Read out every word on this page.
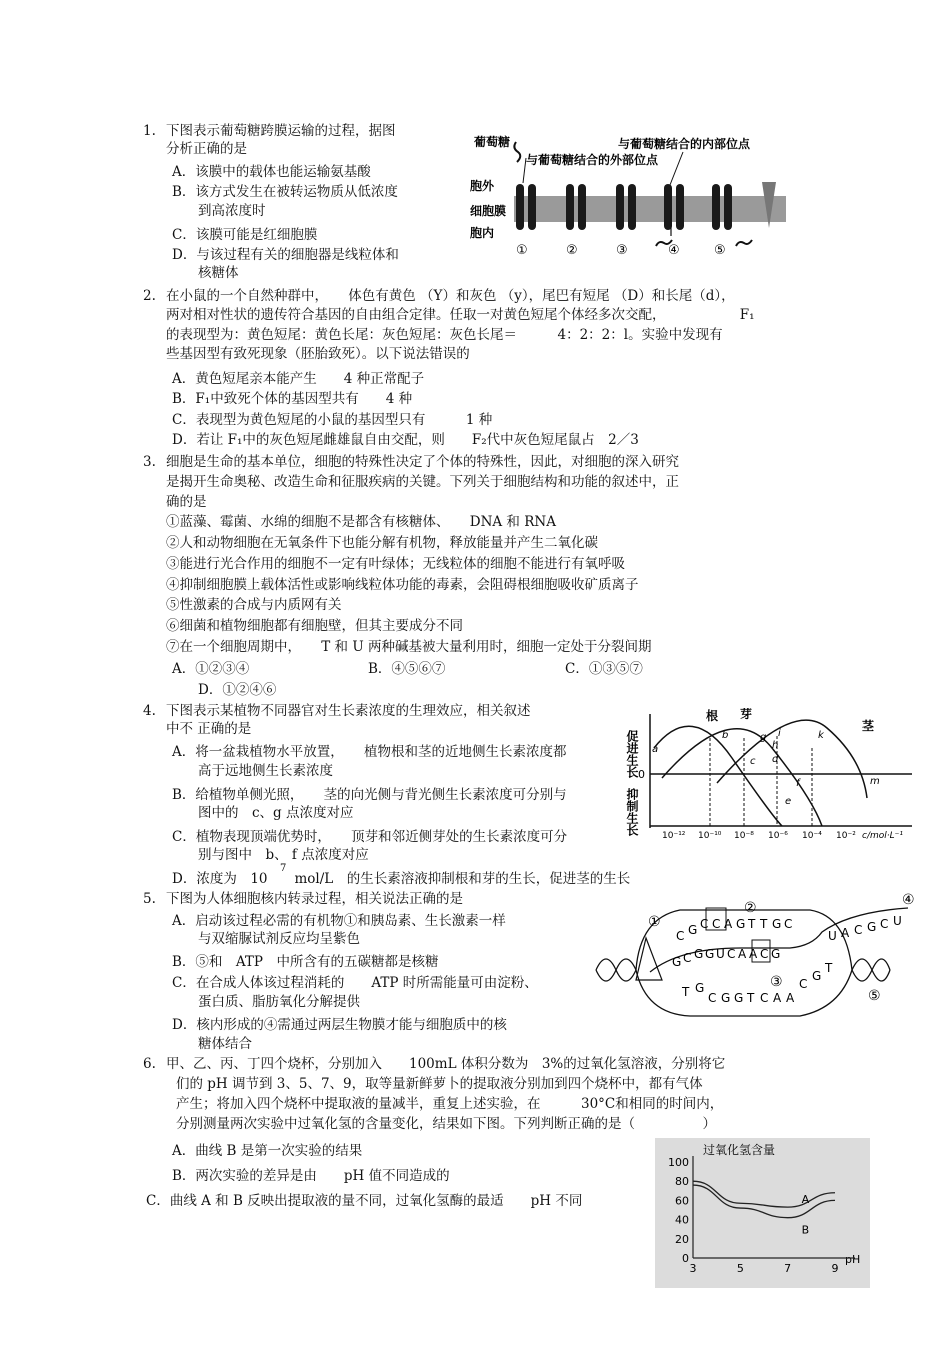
1. 下图表示葡萄糖跨膜运输的过程，据图
分析正确的是
A．该膜中的载体也能运输氨基酸
B．该方式发生在被转运物质从低浓度
到高浓度时
C．该膜可能是红细胞膜
D．与该过程有关的细胞器是线粒体和
核糖体
葡萄糖	与葡萄糖结合的内部位点
与葡萄糖结合的外部位点
胞外
细胞膜
胞内
①	②	③	④	⑤
2. 在小鼠的一个自然种群中，　　体色有黄色 （Y）和灰色 （y），尾巴有短尾 （D）和长尾（d），
两对相对性状的遗传符合基因的自由组合定律。任取一对黄色短尾个体经多次交配，　　　　　　F₁
的表现型为：黄色短尾：黄色长尾：灰色短尾：灰色长尾＝　　　4：2：2：l。实验中发现有
些基因型有致死现象（胚胎致死）。以下说法错误的
A．黄色短尾亲本能产生　　4 种正常配子
B．F₁中致死个体的基因型共有　　4 种
C．表现型为黄色短尾的小鼠的基因型只有　　　1 种
D．若让 F₁中的灰色短尾雌雄鼠自由交配，则　　F₂代中灰色短尾鼠占　2／3
3. 细胞是生命的基本单位，细胞的特殊性决定了个体的特殊性，因此，对细胞的深入研究
是揭开生命奥秘、改造生命和征服疾病的关键。下列关于细胞结构和功能的叙述中，正
确的是
①蓝藻、霉菌、水绵的细胞不是都含有核糖体、　　DNA 和 RNA
②人和动物细胞在无氧条件下也能分解有机物，释放能量并产生二氧化碳
③能进行光合作用的细胞不一定有叶绿体；无线粒体的细胞不能进行有氧呼吸
④抑制细胞膜上载体活性或影响线粒体功能的毒素，会阻碍根细胞吸收矿质离子
⑤性激素的合成与内质网有关
⑥细菌和植物细胞都有细胞壁，但其主要成分不同
⑦在一个细胞周期中，　　T 和 U 两种碱基被大量利用时，细胞一定处于分裂间期
A．①②③④	B．④⑤⑥⑦	C．①③⑤⑦
D．①②④⑥
4. 下图表示某植物不同器官对生长素浓度的生理效应，相关叙述
中不 正确的是
A．将一盆栽植物水平放置，　　植物根和茎的近地侧生长素浓度都
高于远地侧生长素浓度
B．给植物单侧光照，　　茎的向光侧与背光侧生长素浓度可分别与
图中的　c、g 点浓度对应
C．植物表现顶端优势时，　　顶芽和邻近侧芽处的生长素浓度可分
别与图中　b、 f 点浓度对应
D．浓度为　10　　mol/L　的生长素溶液抑制根和芽的生长，促进茎的生长
7
促进生长
抑制生长
0
根 芽
茎
a
b
c d
e
f
g
h
i	k
m
10⁻¹² 10⁻¹⁰ 10⁻⁸ 10⁻⁶ 10⁻⁴ 10⁻² c/mol·L⁻¹
5. 下图为人体细胞核内转录过程，相关说法正确的是
A．启动该过程必需的有机物①和胰岛素、生长激素一样
与双缩脲试剂反应均呈紫色
B．⑤和　ATP　中所含有的五碳糖都是核糖
C．在合成人体该过程消耗的　　ATP 时所需能量可由淀粉、
蛋白质、脂肪氧化分解提供
D．核内形成的④需通过两层生物膜才能与细胞质中的核
糖体结合
①
②
③
④
⑤
C G C C A G T T G C
G C G G U C A A C G
U A C G C U
T G
C G G T C A A
C
G
T
6. 甲、乙、丙、丁四个烧杯，分别加入　　100mL 体积分数为　3%的过氧化氢溶液，分别将它
们的 pH 调节到 3、5、7、9，取等量新鲜萝卜的提取液分别加到四个烧杯中，都有气体
产生；将加入四个烧杯中提取液的量减半，重复上述实验，在　　　30°C和相同的时间内，
分别测量两次实验中过氧化氢的含量变化，结果如下图。下列判断正确的是（　　　　　）
A．曲线 B 是第一次实验的结果
B．两次实验的差异是由　　pH 值不同造成的
C．曲线 A 和 B 反映出提取液的量不同，过氧化氢酶的最适　　pH 不同
过氧化氢含量
pH
0
20
40
60
80
100
3	5	7	9
A
B
